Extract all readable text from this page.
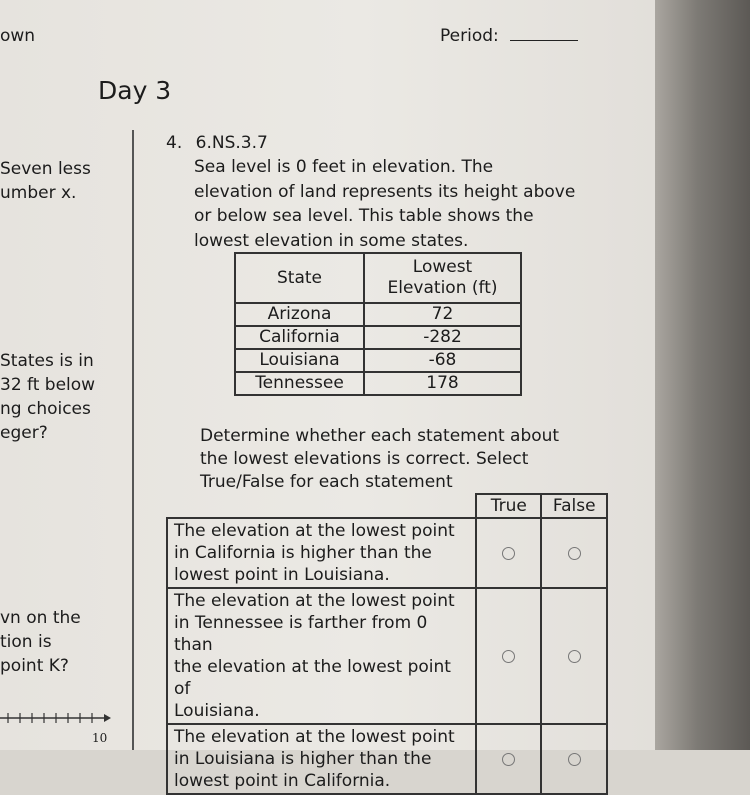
own	Period:
Day 3
Seven less
umber x.
States is in
32 ft below
ng choices
eger?
vn on the
tion is
point K?
10
4. 6.NS.3.7
Sea level is 0 feet in elevation. The
elevation of land represents its height above
or below sea level. This table shows the
lowest elevation in some states.
State	Lowest
Elevation (ft)

Arizona	72
California	-282
Louisiana	-68
Tennessee	178
Determine whether each statement about
the lowest elevations is correct. Select
True/False for each statement
	True	False

The elevation at the lowest point
in California is higher than the
lowest point in Louisiana.		

The elevation at the lowest point
in Tennessee is farther from 0 than
the elevation at the lowest point of
Louisiana.		

The elevation at the lowest point
in Louisiana is higher than the
lowest point in California.		
